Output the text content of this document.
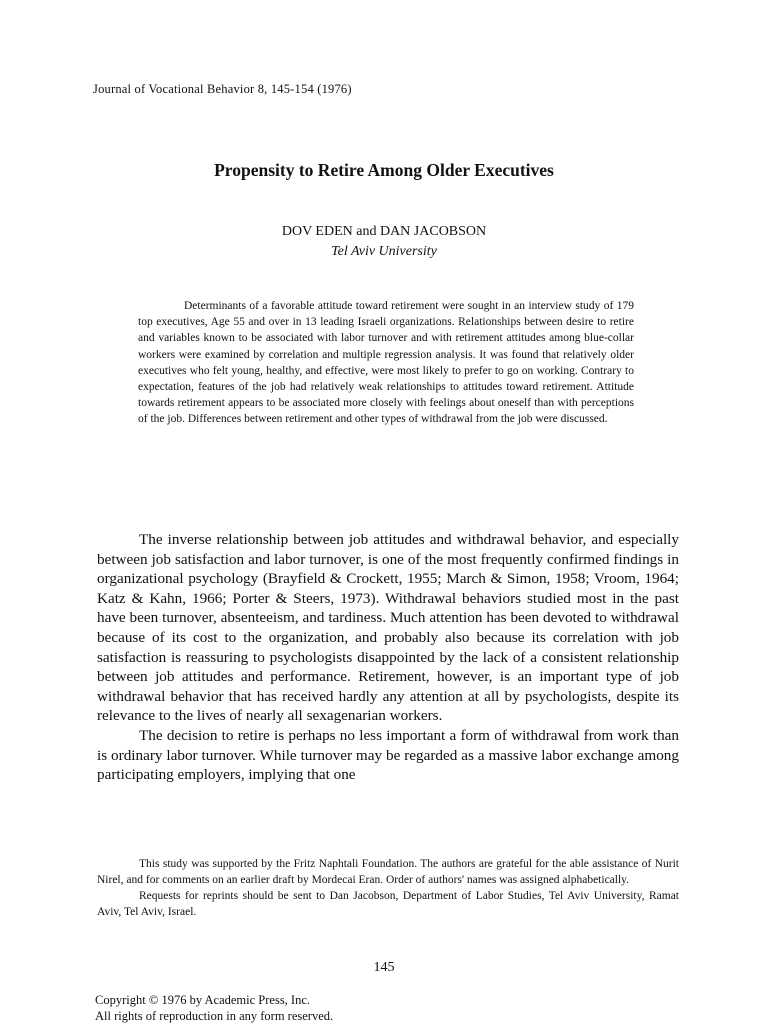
Journal of Vocational Behavior 8, 145-154 (1976)
Propensity to Retire Among Older Executives
DOV EDEN and DAN JACOBSON
Tel Aviv University
Determinants of a favorable attitude toward retirement were sought in an interview study of 179 top executives, Age 55 and over in 13 leading Israeli organizations. Relationships between desire to retire and variables known to be associated with labor turnover and with retirement attitudes among blue-collar workers were examined by correlation and multiple regression analysis. It was found that relatively older executives who felt young, healthy, and effective, were most likely to prefer to go on working. Contrary to expectation, features of the job had relatively weak relationships to attitudes toward retirement. Attitude towards retirement appears to be associated more closely with feelings about oneself than with perceptions of the job. Differences between retirement and other types of withdrawal from the job were discussed.

The inverse relationship between job attitudes and withdrawal behavior, and especially between job satisfaction and labor turnover, is one of the most frequently confirmed findings in organizational psychology (Brayfield & Crockett, 1955; March & Simon, 1958; Vroom, 1964; Katz & Kahn, 1966; Porter & Steers, 1973). Withdrawal behaviors studied most in the past have been turnover, absenteeism, and tardiness. Much attention has been devoted to withdrawal because of its cost to the organization, and probably also because its correlation with job satisfaction is reassuring to psychologists disappointed by the lack of a consistent relationship between job attitudes and performance. Retirement, however, is an important type of job withdrawal behavior that has received hardly any attention at all by psychologists, despite its relevance to the lives of nearly all sexagenarian workers.

The decision to retire is perhaps no less important a form of withdrawal from work than is ordinary labor turnover. While turnover may be regarded as a massive labor exchange among participating employers, implying that one

This study was supported by the Fritz Naphtali Foundation. The authors are grateful for the able assistance of Nurit Nirel, and for comments on an earlier draft by Mordecai Eran. Order of authors' names was assigned alphabetically.

Requests for reprints should be sent to Dan Jacobson, Department of Labor Studies, Tel Aviv University, Ramat Aviv, Tel Aviv, Israel.

145
Copyright © 1976 by Academic Press, Inc.
All rights of reproduction in any form reserved.
